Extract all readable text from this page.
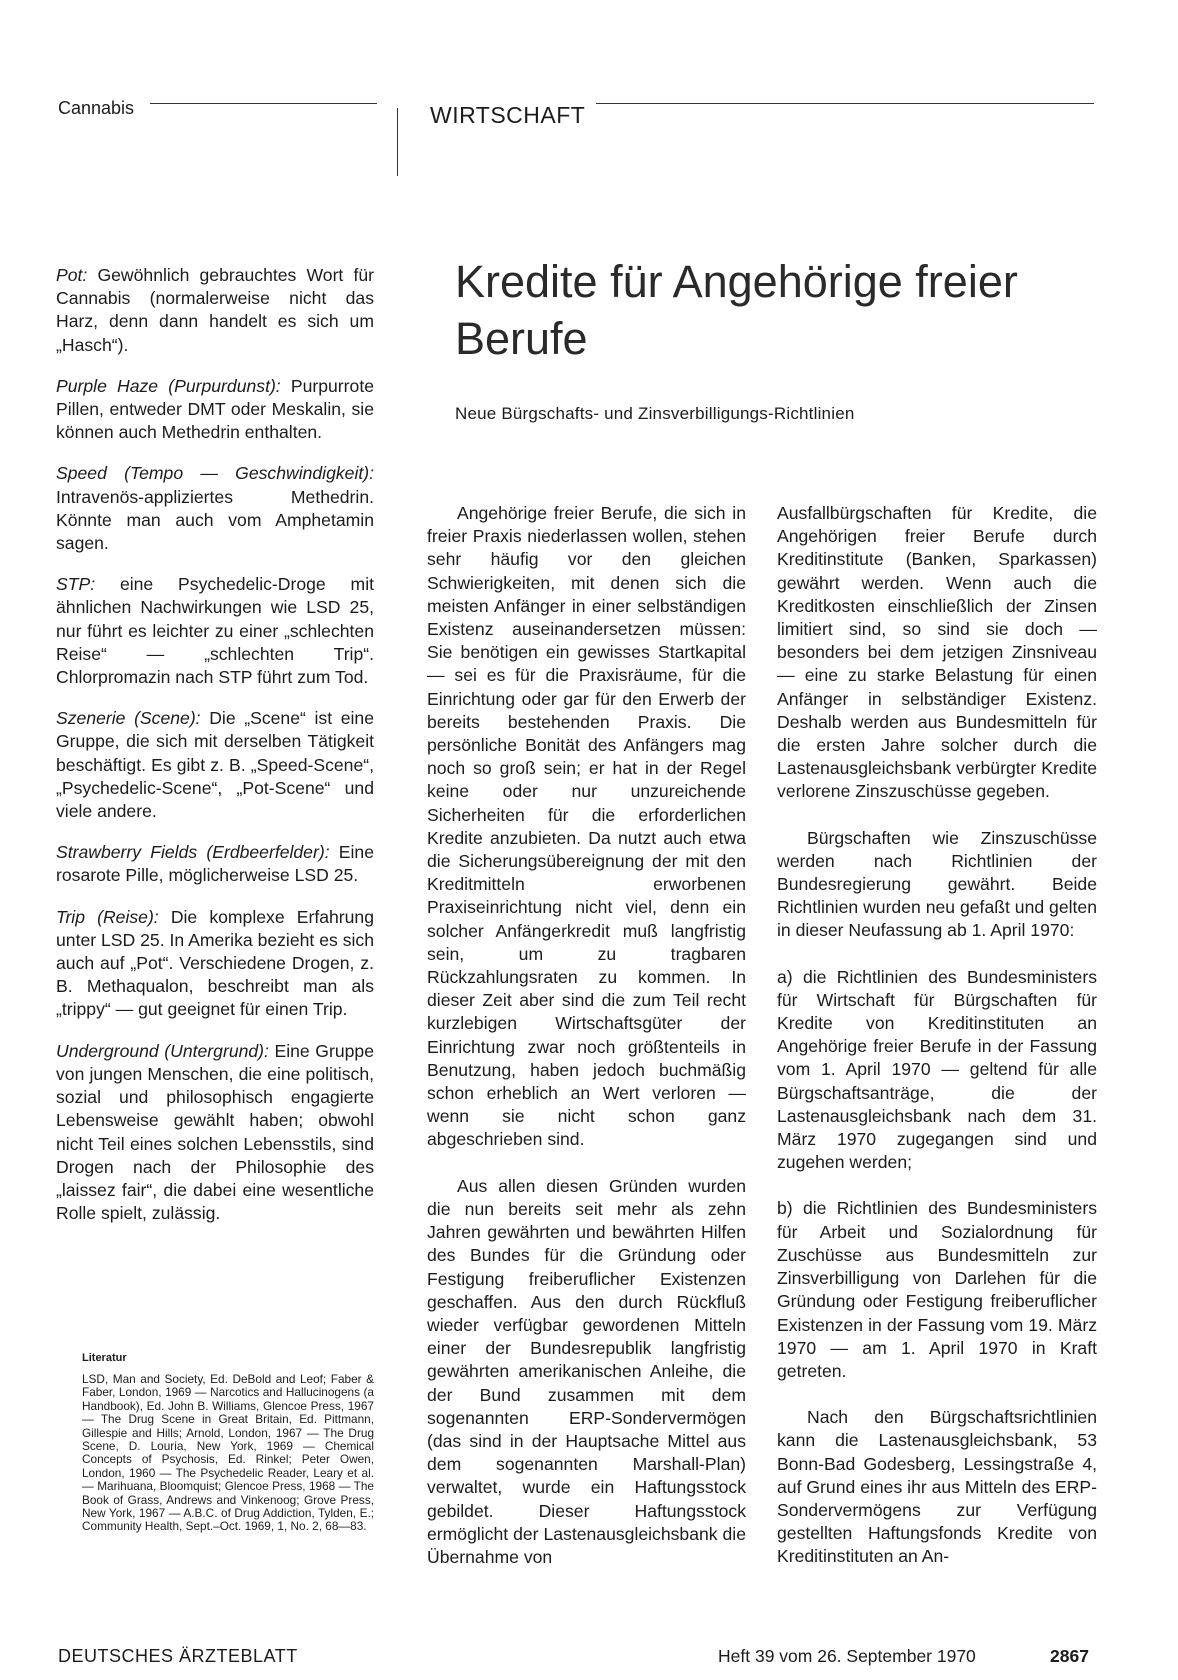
Cannabis	WIRTSCHAFT
Kredite für Angehörige freier Berufe
Neue Bürgschafts- und Zinsverbilligungs-Richtlinien

Pot: Gewöhnlich gebrauchtes Wort für Cannabis (normalerweise nicht das Harz, denn dann handelt es sich um „Hasch“).

Purple Haze (Purpurdunst): Purpurrote Pillen, entweder DMT oder Meskalin, sie können auch Methedrin enthalten.

Speed (Tempo — Geschwindigkeit): Intravenös-appliziertes Methedrin. Könnte man auch vom Amphetamin sagen.

STP: eine Psychedelic-Droge mit ähnlichen Nachwirkungen wie LSD 25, nur führt es leichter zu einer „schlechten Reise“ — „schlechten Trip“. Chlorpromazin nach STP führt zum Tod.

Szenerie (Scene): Die „Scene“ ist eine Gruppe, die sich mit derselben Tätigkeit beschäftigt. Es gibt z. B. „Speed-Scene“, „Psychedelic-Scene“, „Pot-Scene“ und viele andere.

Strawberry Fields (Erdbeerfelder): Eine rosarote Pille, möglicherweise LSD 25.

Trip (Reise): Die komplexe Erfahrung unter LSD 25. In Amerika bezieht es sich auch auf „Pot“. Verschiedene Drogen, z. B. Methaqualon, beschreibt man als „trippy“ — gut geeignet für einen Trip.

Underground (Untergrund): Eine Gruppe von jungen Menschen, die eine politisch, sozial und philosophisch engagierte Lebensweise gewählt haben; obwohl nicht Teil eines solchen Lebensstils, sind Drogen nach der Philosophie des „laissez fair“, die dabei eine wesentliche Rolle spielt, zulässig.

Literatur
LSD, Man and Society, Ed. DeBold and Leof; Faber & Faber, London, 1969 — Narcotics and Hallucinogens (a Handbook), Ed. John B. Williams, Glencoe Press, 1967 — The Drug Scene in Great Britain, Ed. Pittmann, Gillespie and Hills; Arnold, London, 1967 — The Drug Scene, D. Louria, New York, 1969 — Chemical Concepts of Psychosis, Ed. Rinkel; Peter Owen, London, 1960 — The Psychedelic Reader, Leary et al. — Marihuana, Bloomquist; Glencoe Press, 1968 — The Book of Grass, Andrews and Vinkenoog; Grove Press, New York, 1967 — A.B.C. of Drug Addiction, Tylden, E.; Community Health, Sept.–Oct. 1969, 1, No. 2, 68—83.

Angehörige freier Berufe, die sich in freier Praxis niederlassen wollen, stehen sehr häufig vor den gleichen Schwierigkeiten, mit denen sich die meisten Anfänger in einer selbständigen Existenz auseinandersetzen müssen: Sie benötigen ein gewisses Startkapital — sei es für die Praxisräume, für die Einrichtung oder gar für den Erwerb der bereits bestehenden Praxis. Die persönliche Bonität des Anfängers mag noch so groß sein; er hat in der Regel keine oder nur unzureichende Sicherheiten für die erforderlichen Kredite anzubieten. Da nutzt auch etwa die Sicherungsübereignung der mit den Kreditmitteln erworbenen Praxiseinrichtung nicht viel, denn ein solcher Anfängerkredit muß langfristig sein, um zu tragbaren Rückzahlungsraten zu kommen. In dieser Zeit aber sind die zum Teil recht kurzlebigen Wirtschaftsgüter der Einrichtung zwar noch größtenteils in Benutzung, haben jedoch buchmäßig schon erheblich an Wert verloren — wenn sie nicht schon ganz abgeschrieben sind.

Aus allen diesen Gründen wurden die nun bereits seit mehr als zehn Jahren gewährten und bewährten Hilfen des Bundes für die Gründung oder Festigung freiberuflicher Existenzen geschaffen. Aus den durch Rückfluß wieder verfügbar gewordenen Mitteln einer der Bundesrepublik langfristig gewährten amerikanischen Anleihe, die der Bund zusammen mit dem sogenannten ERP-Sondervermögen (das sind in der Hauptsache Mittel aus dem sogenannten Marshall-Plan) verwaltet, wurde ein Haftungsstock gebildet. Dieser Haftungsstock ermöglicht der Lastenausgleichsbank die Übernahme von

Ausfallbürgschaften für Kredite, die Angehörigen freier Berufe durch Kreditinstitute (Banken, Sparkassen) gewährt werden. Wenn auch die Kreditkosten einschließlich der Zinsen limitiert sind, so sind sie doch — besonders bei dem jetzigen Zinsniveau — eine zu starke Belastung für einen Anfänger in selbständiger Existenz. Deshalb werden aus Bundesmitteln für die ersten Jahre solcher durch die Lastenausgleichsbank verbürgter Kredite verlorene Zinszuschüsse gegeben.

Bürgschaften wie Zinszuschüsse werden nach Richtlinien der Bundesregierung gewährt. Beide Richtlinien wurden neu gefaßt und gelten in dieser Neufassung ab 1. April 1970:

a) die Richtlinien des Bundesministers für Wirtschaft für Bürgschaften für Kredite von Kreditinstituten an Angehörige freier Berufe in der Fassung vom 1. April 1970 — geltend für alle Bürgschaftsanträge, die der Lastenausgleichsbank nach dem 31. März 1970 zugegangen sind und zugehen werden;

b) die Richtlinien des Bundesministers für Arbeit und Sozialordnung für Zuschüsse aus Bundesmitteln zur Zinsverbilligung von Darlehen für die Gründung oder Festigung freiberuflicher Existenzen in der Fassung vom 19. März 1970 — am 1. April 1970 in Kraft getreten.

Nach den Bürgschaftsrichtlinien kann die Lastenausgleichsbank, 53 Bonn-Bad Godesberg, Lessingstraße 4, auf Grund eines ihr aus Mitteln des ERP-Sondervermögens zur Verfügung gestellten Haftungsfonds Kredite von Kreditinstituten an An-

DEUTSCHES ÄRZTEBLATT	Heft 39 vom 26. September 1970	2867
